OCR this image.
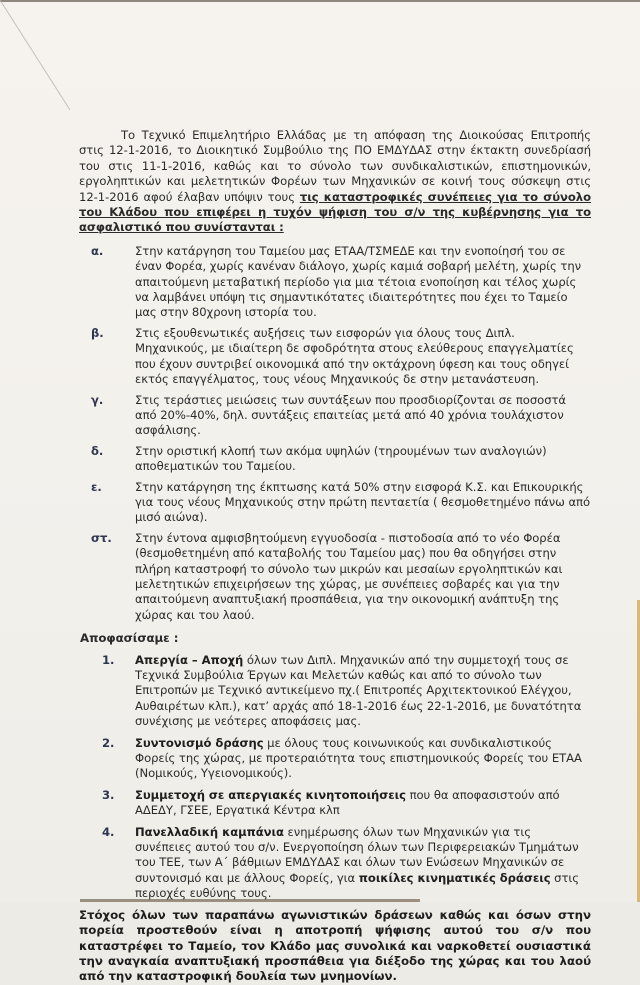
Το Τεχνικό Επιμελητήριο Ελλάδας με τη απόφαση της Διοικούσας Επιτροπής στις 12-1-2016, το Διοικητικό Συμβούλιο της ΠΟ ΕΜΔΥΔΑΣ στην έκτακτη συνεδρίασή του στις 11-1-2016, καθώς και το σύνολο των συνδικαλιστικών, επιστημονικών, εργοληπτικών και μελετητικών Φορέων των Μηχανικών σε κοινή τους σύσκεψη στις 12-1-2016 αφού έλαβαν υπόψιν τους τις καταστροφικές συνέπειες για το σύνολο του Κλάδου που επιφέρει η τυχόν ψήφιση του σ/ν της κυβέρνησης για το ασφαλιστικό που συνίστανται :

α.	Στην κατάργηση του Ταμείου μας ΕΤΑΑ/ΤΣΜΕΔΕ και την ενοποίησή του σε έναν Φορέα, χωρίς κανέναν διάλογο, χωρίς καμιά σοβαρή μελέτη, χωρίς την απαιτούμενη μεταβατική περίοδο για μια τέτοια ενοποίηση και τέλος χωρίς να λαμβάνει υπόψη τις σημαντικότατες ιδιαιτερότητες που έχει το Ταμείο μας στην 80χρονη ιστορία του.
β.	Στις εξουθενωτικές αυξήσεις των εισφορών για όλους τους Διπλ. Μηχανικούς, με ιδιαίτερη δε σφοδρότητα στους ελεύθερους επαγγελματίες που έχουν συντριβεί οικονομικά από την οκτάχρονη ύφεση και τους οδηγεί εκτός επαγγέλματος, τους νέους Μηχανικούς δε στην μετανάστευση.
γ.	Στις τεράστιες μειώσεις των συντάξεων που προσδιορίζονται σε ποσοστά από 20%-40%, δηλ. συντάξεις επαιτείας μετά από 40 χρόνια τουλάχιστον ασφάλισης.
δ.	Στην οριστική κλοπή των ακόμα υψηλών (τηρουμένων των αναλογιών) αποθεματικών του Ταμείου.
ε.	Στην κατάργηση της έκπτωσης κατά 50% στην εισφορά Κ.Σ. και Επικουρικής για τους νέους Μηχανικούς στην πρώτη πενταετία ( θεσμοθετημένο πάνω από μισό αιώνα).
στ. Στην έντονα αμφισβητούμενη εγγυοδοσία - πιστοδοσία από το νέο Φορέα (θεσμοθετημένη από καταβολής του Ταμείου μας) που θα οδηγήσει στην πλήρη καταστροφή το σύνολο των μικρών και μεσαίων εργοληπτικών και μελετητικών επιχειρήσεων της χώρας, με συνέπειες σοβαρές και για την απαιτούμενη αναπτυξιακή προσπάθεια, για την οικονομική ανάπτυξη της χώρας και του λαού.
Αποφασίσαμε :
1. Απεργία – Αποχή όλων των Διπλ. Μηχανικών από την συμμετοχή τους σε Τεχνικά Συμβούλια Έργων και Μελετών καθώς και από το σύνολο των Επιτροπών με Τεχνικό αντικείμενο πχ.( Επιτροπές Αρχιτεκτονικού Ελέγχου, Αυθαιρέτων κλπ.), κατ’ αρχάς από 18-1-2016 έως 22-1-2016, με δυνατότητα συνέχισης με νεότερες αποφάσεις μας.
2. Συντονισμό δράσης με όλους τους κοινωνικούς και συνδικαλιστικούς Φορείς της χώρας, με προτεραιότητα τους επιστημονικούς Φορείς του ΕΤΑΑ (Νομικούς, Υγειονομικούς).
3. Συμμετοχή σε απεργιακές κινητοποιήσεις που θα αποφασιστούν από ΑΔΕΔΥ, ΓΣΕΕ, Εργατικά Κέντρα κλπ
4. Πανελλαδική καμπάνια ενημέρωσης όλων των Μηχανικών για τις συνέπειες αυτού του σ/ν. Ενεργοποίηση όλων των Περιφερειακών Τμημάτων του ΤΕΕ, των Α΄ βάθμιων ΕΜΔΥΔΑΣ και όλων των Ενώσεων Μηχανικών σε συντονισμό και με άλλους Φορείς, για ποικίλες κινηματικές δράσεις στις περιοχές ευθύνης τους.
Στόχος όλων των παραπάνω αγωνιστικών δράσεων καθώς και όσων στην πορεία προστεθούν είναι η αποτροπή ψήφισης αυτού του σ/ν που καταστρέφει το Ταμείο, τον Κλάδο μας συνολικά και ναρκοθετεί ουσιαστικά την αναγκαία αναπτυξιακή προσπάθεια για διέξοδο της χώρας και του λαού από την καταστροφική δουλεία των μνημονίων.
